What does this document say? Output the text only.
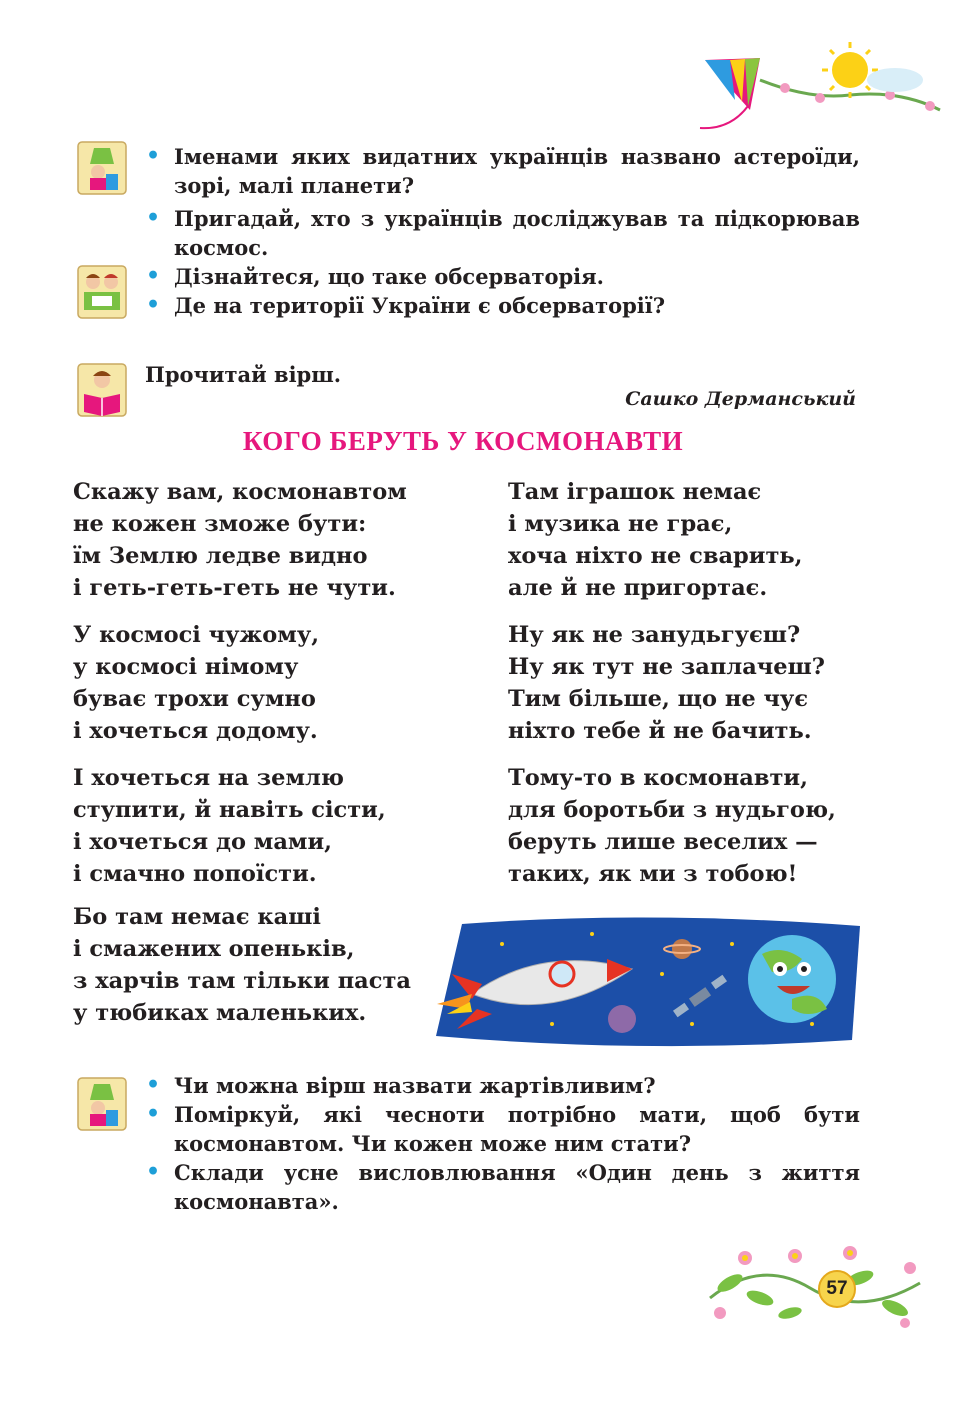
• Іменами яких видатних українців названо астероїди, зорі, малі планети?
• Пригадай, хто з українців досліджував та підкорював космос.
• Дізнайтеся, що таке обсерваторія.
• Де на території України є обсерваторії?
Прочитай вірш.
Сашко Дерманський
КОГО БЕРУТЬ У КОСМОНАВТИ
Скажу вам, космонавтом
не кожен зможе бути:
їм Землю ледве видно
і геть-геть-геть не чути.
У космосі чужому,
у космосі німому
буває трохи сумно
і хочеться додому.
І хочеться на землю
ступити, й навіть сісти,
і хочеться до мами,
і смачно попоїсти.
Бо там немає каші
і смажених опеньків,
з харчів там тільки паста
у тюбиках маленьких.
Там іграшок немає
і музика не грає,
хоча ніхто не сварить,
але й не пригортає.
Ну як не занудьгуєш?
Ну як тут не заплачеш?
Тим більше, що не чує
ніхто тебе й не бачить.
Тому-то в космонавти,
для боротьби з нудьгою,
беруть лише веселих —
таких, як ми з тобою!
• Чи можна вірш назвати жартівливим?
• Поміркуй, які чесноти потрібно мати, щоб бути космонавтом. Чи кожен може ним стати?
• Склади усне висловлювання «Один день з життя космонавта».
57
